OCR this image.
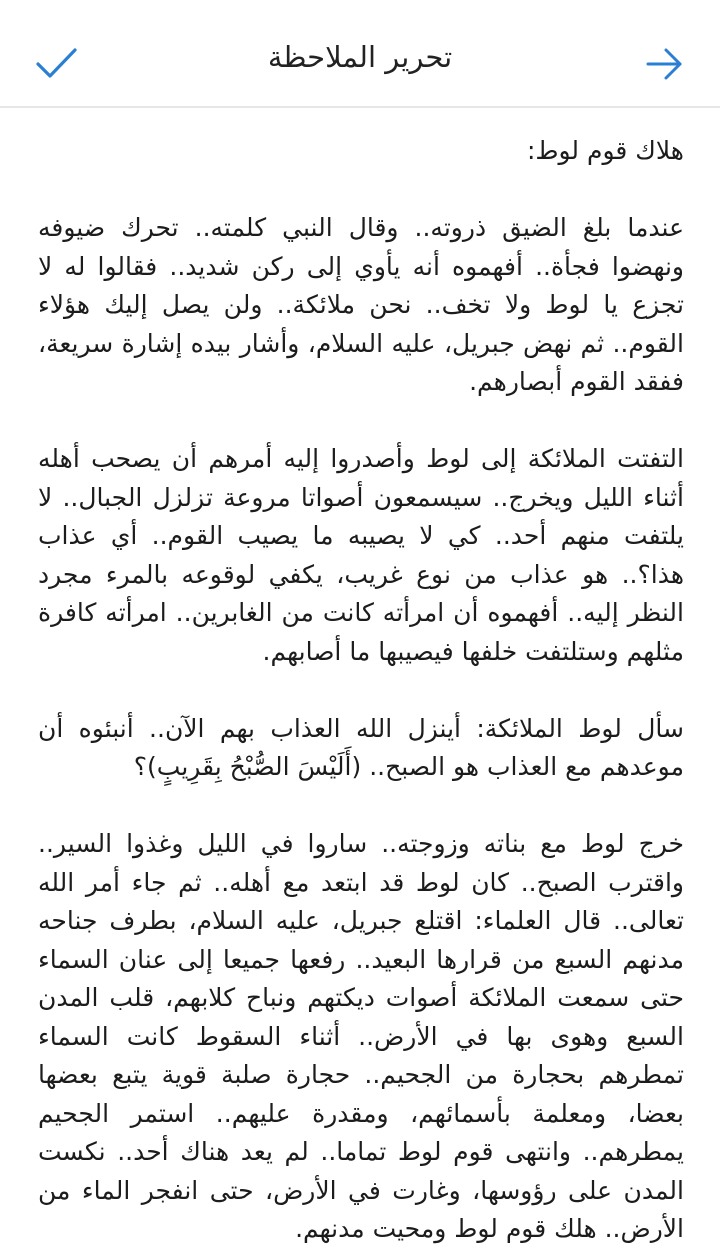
تحرير الملاحظة

هلاك قوم لوط:

عندما بلغ الضيق ذروته.. وقال النبي كلمته.. تحرك ضيوفه ونهضوا فجأة.. أفهموه أنه يأوي إلى ركن شديد.. فقالوا له لا تجزع يا لوط ولا تخف.. نحن ملائكة.. ولن يصل إليك هؤلاء القوم.. ثم نهض جبريل، عليه السلام، وأشار بيده إشارة سريعة، ففقد القوم أبصارهم.

التفتت الملائكة إلى لوط وأصدروا إليه أمرهم أن يصحب أهله أثناء الليل ويخرج.. سيسمعون أصواتا مروعة تزلزل الجبال.. لا يلتفت منهم أحد.. كي لا يصيبه ما يصيب القوم.. أي عذاب هذا؟.. هو عذاب من نوع غريب، يكفي لوقوعه بالمرء مجرد النظر إليه.. أفهموه أن امرأته كانت من الغابرين.. امرأته كافرة مثلهم وستلتفت خلفها فيصيبها ما أصابهم.

سأل لوط الملائكة: أينزل الله العذاب بهم الآن.. أنبئوه أن موعدهم مع العذاب هو الصبح.. (أَلَيْسَ الصُّبْحُ بِقَرِيبٍ)؟

خرج لوط مع بناته وزوجته.. ساروا في الليل وغذوا السير.. واقترب الصبح.. كان لوط قد ابتعد مع أهله.. ثم جاء أمر الله تعالى.. قال العلماء: اقتلع جبريل، عليه السلام، بطرف جناحه مدنهم السبع من قرارها البعيد.. رفعها جميعا إلى عنان السماء حتى سمعت الملائكة أصوات ديكتهم ونباح كلابهم، قلب المدن السبع وهوى بها في الأرض.. أثناء السقوط كانت السماء تمطرهم بحجارة من الجحيم.. حجارة صلبة قوية يتبع بعضها بعضا، ومعلمة بأسمائهم، ومقدرة عليهم.. استمر الجحيم يمطرهم.. وانتهى قوم لوط تماما.. لم يعد هناك أحد.. نكست المدن على رؤوسها، وغارت في الأرض، حتى انفجر الماء من الأرض.. هلك قوم لوط ومحيت مدنهم.
